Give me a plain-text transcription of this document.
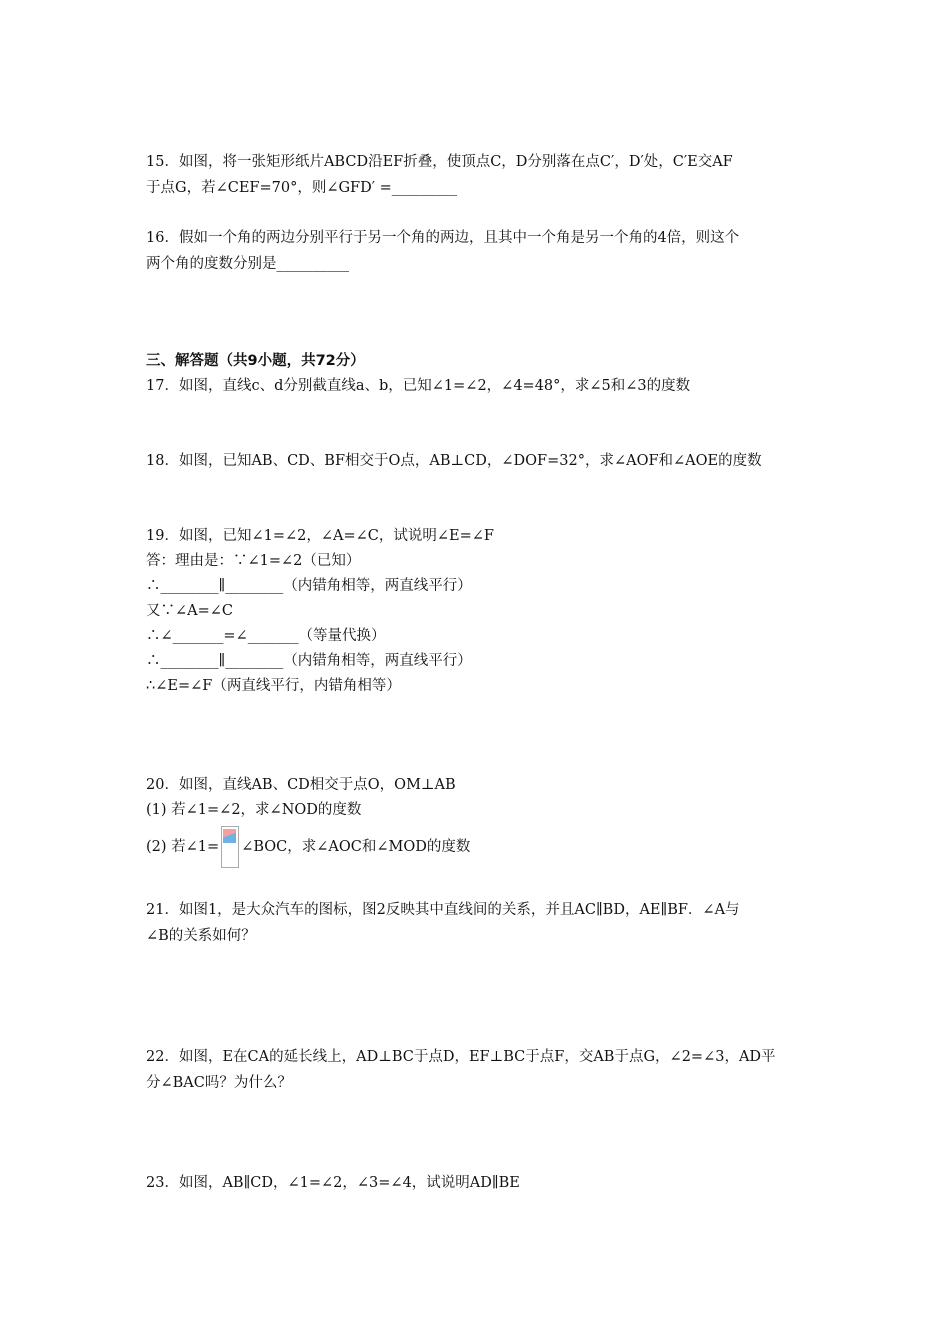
15．如图，将一张矩形纸片ABCD沿EF折叠，使顶点C，D分别落在点C′，D′处，C′E交AF
于点G，若∠CEF=70°，则∠GFD′ =_________
16．假如一个角的两边分别平行于另一个角的两边，且其中一个角是另一个角的4倍，则这个
两个角的度数分别是__________
三、解答题（共9小题，共72分）
17．如图，直线c、d分别截直线a、b，已知∠1=∠2，∠4=48°，求∠5和∠3的度数
18．如图，已知AB、CD、BF相交于O点，AB⊥CD，∠DOF=32°，求∠AOF和∠AOE的度数
19．如图，已知∠1=∠2，∠A=∠C，试说明∠E=∠F
答：理由是：∵∠1=∠2（已知）
∴________∥________（内错角相等，两直线平行）
又∵∠A=∠C
∴∠_______=∠_______（等量代换）
∴________∥________（内错角相等，两直线平行）
∴∠E=∠F（两直线平行，内错角相等）
20．如图，直线AB、CD相交于点O，OM⊥AB
(1) 若∠1=∠2，求∠NOD的度数
(2) 若∠1= ∠BOC，求∠AOC和∠MOD的度数
21．如图1，是大众汽车的图标，图2反映其中直线间的关系，并且AC∥BD，AE∥BF．∠A与
∠B的关系如何？
22．如图，E在CA的延长线上，AD⊥BC于点D，EF⊥BC于点F，交AB于点G，∠2=∠3，AD平
分∠BAC吗？为什么？
23．如图，AB∥CD，∠1=∠2，∠3=∠4，试说明AD∥BE
